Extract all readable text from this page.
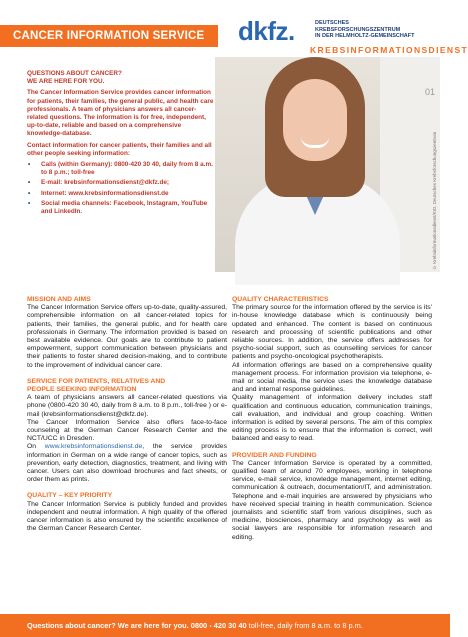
CANCER INFORMATION SERVICE	dkfz.	DEUTSCHES
KREBSFORSCHUNGSZENTRUM
IN DER HELMHOLTZ-GEMEINSCHAFT
KREBSINFORMATIONSDIENST
01
© Krebsinformationsdienst/KID, Deutsches Krebsforschungszentrum
QUESTIONS ABOUT CANCER?
WE ARE HERE FOR YOU.

The Cancer Information Service provides cancer information for patients, their families, the general public, and health care professionals. A team of physicians answers all cancer-related questions. The information is for free, independent, up-to-date, reliable and based on a comprehensive knowledge-database.

Contact information for cancer patients, their families and all other people seeking information:

• Calls (within Germany): 0800-420 30 40, daily from 8 a.m. to 8 p.m.; toll-free
• E-mail: krebsinformationsdienst@dkfz.de;
• Internet: www.krebsinformationsdienst.de
• Social media channels: Facebook, Instagram, YouTube and LinkedIn.
MISSION AND AIMS

The Cancer Information Service offers up-to-date, quality-assured, comprehensible information on all cancer-related topics for patients, their families, the general public, and for health care professionals in Germany. The information provided is based on best available evidence. Our goals are to contribute to patient empowerment, support communication between physicians and their patients to foster shared decision-making, and to contribute to the improvement of individual cancer care.

SERVICE FOR PATIENTS, RELATIVES AND
PEOPLE SEEKING INFORMATION

A team of physicians answers all cancer-related questions via phone (0800-420 30 40, daily from 8 a.m. to 8 p.m., toll-free ) or e-mail (krebsinformationsdienst@dkfz.de).

The Cancer Information Service also offers face-to-face counseling at the German Cancer Research Center and the NCT/UCC in Dresden.

On www.krebsinformationsdienst.de, the service provides information in German on a wide range of cancer topics, such as prevention, early detection, diagnostics, treatment, and living with cancer. Users can also download brochures and fact sheets, or order them as prints.

QUALITY – KEY PRIORITY

The Cancer Information Service is publicly funded and provides independent and neutral information. A high quality of the offered cancer information is also ensured by the scientific excellence of the German Cancer Research Center.

QUALITY CHARACTERISTICS

The primary source for the information offered by the service is its' in-house knowledge database which is continuously being updated and enhanced. The content is based on continuous research and processing of scientific publications and other reliable sources. In addition, the service offers addresses for psycho-social support, such as counselling services for cancer patients and psycho-oncological psychotherapists.

All information offerings are based on a comprehensive quality management process. For information provision via telephone, e-mail or social media, the service uses the knowledge database and and internal response guidelines.

Quality management of information delivery includes staff qualification and continuous education, communication trainings, call evaluation, and individual and group coaching. Written information is edited by several persons. The aim of this complex editing process is to ensure that the information is correct, well balanced and easy to read.

PROVIDER AND FUNDING

The Cancer Information Service is operated by a committed, qualified team of around 70 employees, working in telephone service, e-mail service, knowledge management, internet editing, communication & outreach, documentation/IT, and administration. Telephone and e-mail inquiries are answered by physicians who have received special training in health communication. Science journalists and scientific staff from various disciplines, such as medicine, biosciences, pharmacy and psychology as well as social lawyers are responsible for information research and editing.

Questions about cancer? We are here for you. 0800 - 420 30 40 toll-free, daily from 8 a.m. to 8 p.m.
